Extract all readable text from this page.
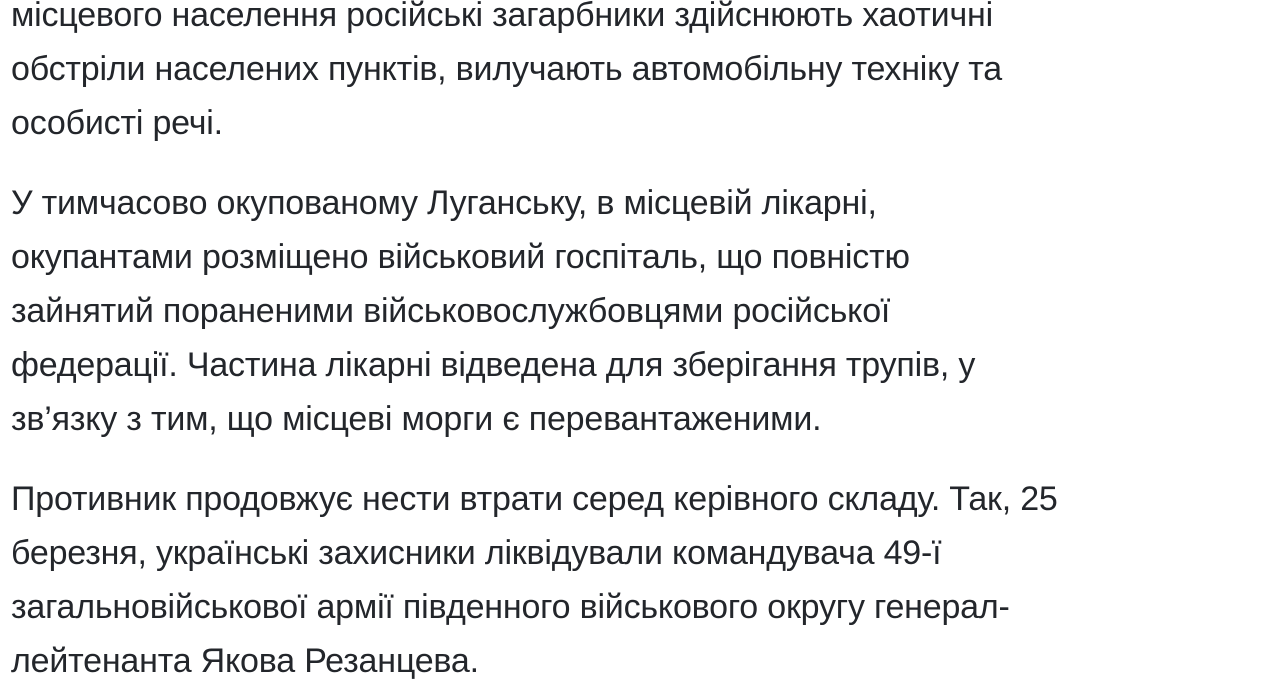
місцевого населення російські загарбники здійснюють хаотичні
обстріли населених пунктів, вилучають автомобільну техніку та
особисті речі.

У тимчасово окупованому Луганську, в місцевій лікарні,
окупантами розміщено військовий госпіталь, що повністю
зайнятий пораненими військовослужбовцями російської
федерації. Частина лікарні відведена для зберігання трупів, у
зв’язку з тим, що місцеві морги є перевантаженими.

Противник продовжує нести втрати серед керівного складу. Так, 25
березня, українські захисники ліквідували командувача 49-ї
загальновійськової армії південного військового округу генерал-
лейтенанта Якова Резанцева.
